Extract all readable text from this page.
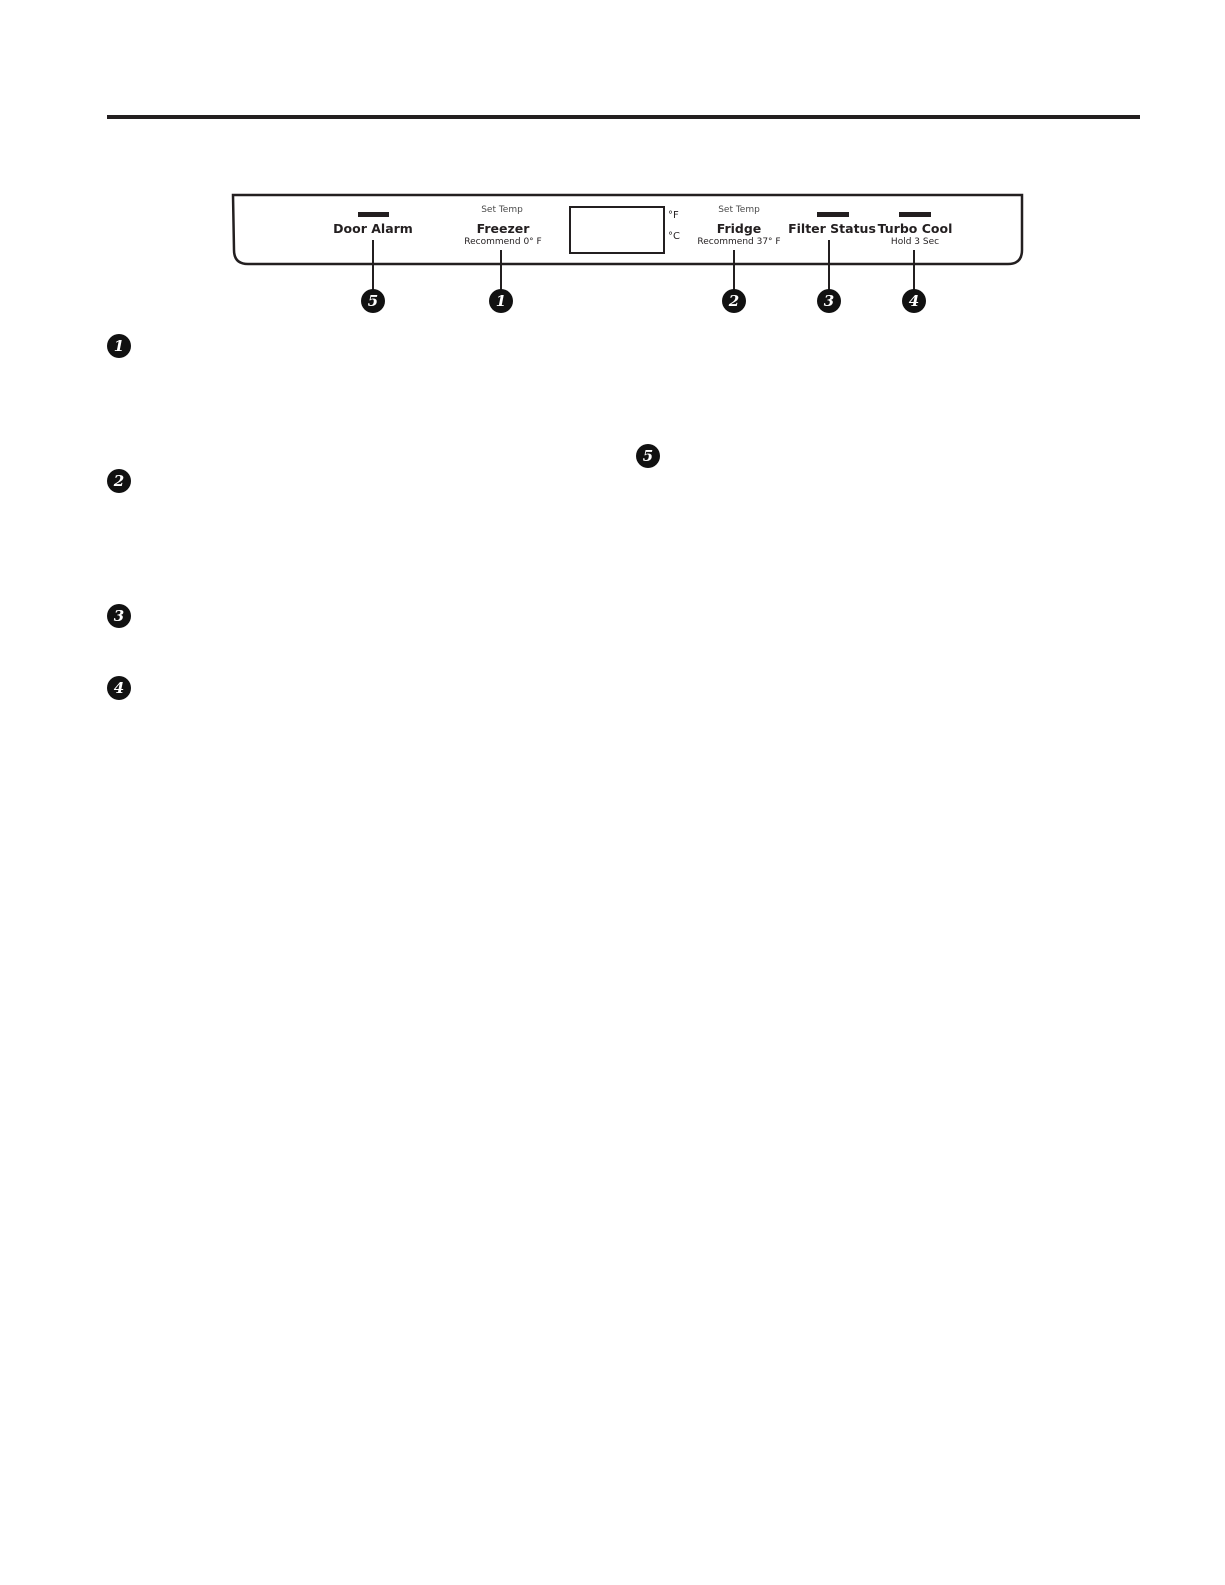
Door Alarm
Set Temp
Freezer
Recommend 0° F
°F
°C
Set Temp
Fridge
Recommend 37° F
Filter Status Turbo Cool
Hold 3 Sec
5	1	2	3	4
1
2
3
4
5
